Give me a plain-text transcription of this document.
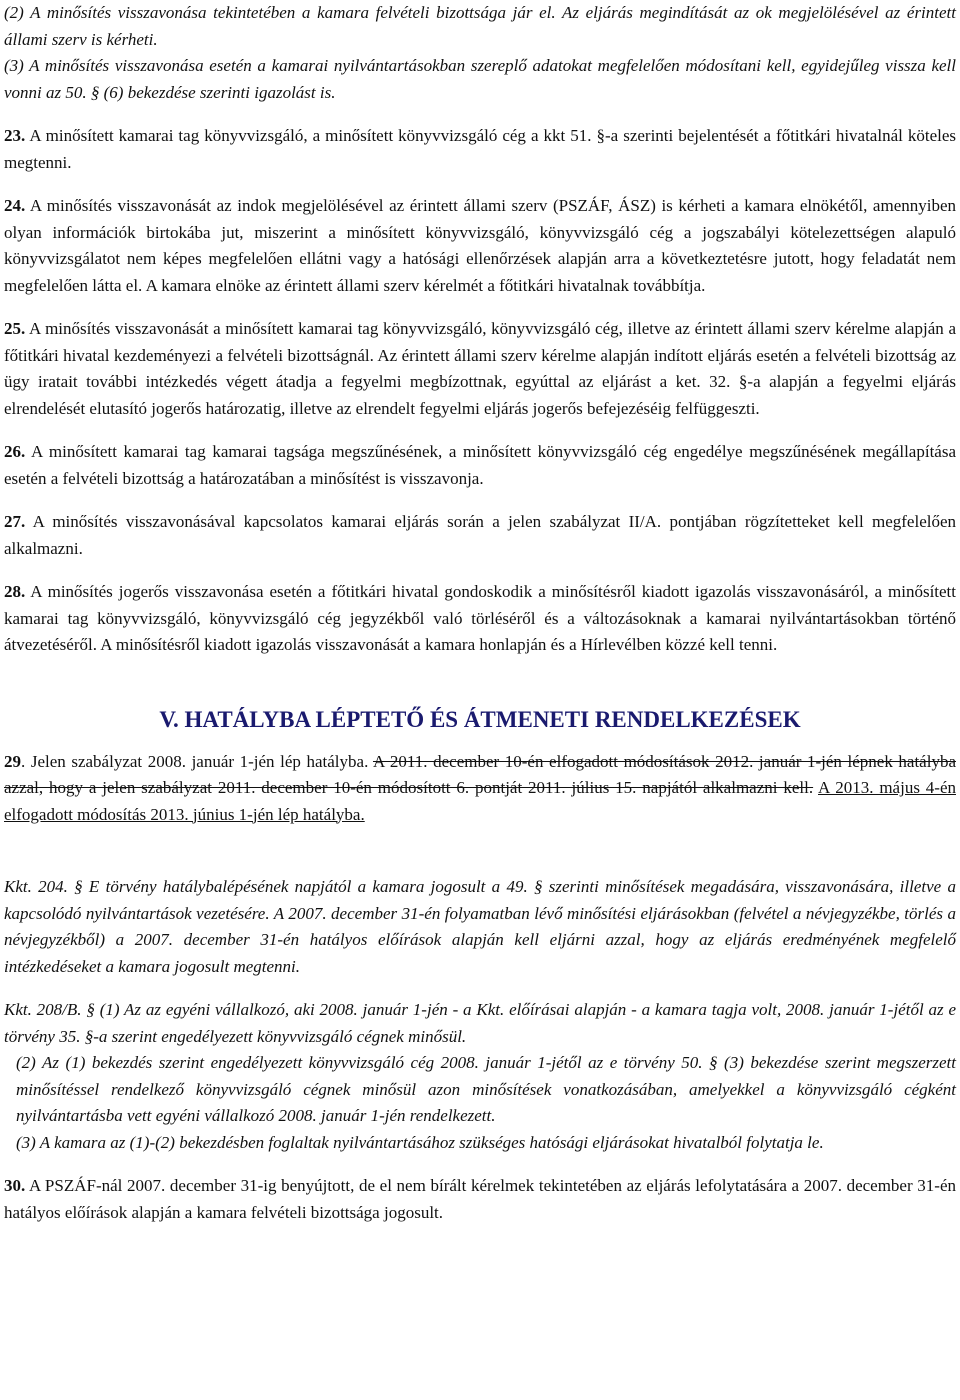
(2) A minősítés visszavonása tekintetében a kamara felvételi bizottsága jár el. Az eljárás megindítását az ok megjelölésével az érintett állami szerv is kérheti.

(3) A minősítés visszavonása esetén a kamarai nyilvántartásokban szereplő adatokat megfelelően módosítani kell, egyidejűleg vissza kell vonni az 50. § (6) bekezdése szerinti igazolást is.

23. A minősített kamarai tag könyvvizsgáló, a minősített könyvvizsgáló cég a kkt 51. §-a szerinti bejelentését a főtitkári hivatalnál köteles megtenni.

24. A minősítés visszavonását az indok megjelölésével az érintett állami szerv (PSZÁF, ÁSZ) is kérheti a kamara elnökétől, amennyiben olyan információk birtokába jut, miszerint a minősített könyvvizsgáló, könyvvizsgáló cég a jogszabályi kötelezettségen alapuló könyvvizsgálatot nem képes megfelelően ellátni vagy a hatósági ellenőrzések alapján arra a következtetésre jutott, hogy feladatát nem megfelelően látta el. A kamara elnöke az érintett állami szerv kérelmét a főtitkári hivatalnak továbbítja.

25. A minősítés visszavonását a minősített kamarai tag könyvvizsgáló, könyvvizsgáló cég, illetve az érintett állami szerv kérelme alapján a főtitkári hivatal kezdeményezi a felvételi bizottságnál. Az érintett állami szerv kérelme alapján indított eljárás esetén a felvételi bizottság az ügy iratait további intézkedés végett átadja a fegyelmi megbízottnak, egyúttal az eljárást a ket. 32. §-a alapján a fegyelmi eljárás elrendelését elutasító jogerős határozatig, illetve az elrendelt fegyelmi eljárás jogerős befejezéséig felfüggeszti.

26. A minősített kamarai tag kamarai tagsága megszűnésének, a minősített könyvvizsgáló cég engedélye megszűnésének megállapítása esetén a felvételi bizottság a határozatában a minősítést is visszavonja.

27. A minősítés visszavonásával kapcsolatos kamarai eljárás során a jelen szabályzat II/A. pontjában rögzítetteket kell megfelelően alkalmazni.

28. A minősítés jogerős visszavonása esetén a főtitkári hivatal gondoskodik a minősítésről kiadott igazolás visszavonásáról, a minősített kamarai tag könyvvizsgáló, könyvvizsgáló cég jegyzékből való törléséről és a változásoknak a kamarai nyilvántartásokban történő átvezetéséről. A minősítésről kiadott igazolás visszavonását a kamara honlapján és a Hírlevélben közzé kell tenni.

V. HATÁLYBA LÉPTETŐ ÉS ÁTMENETI RENDELKEZÉSEK

29. Jelen szabályzat 2008. január 1-jén lép hatályba. A 2011. december 10-én elfogadott módosítások 2012. január 1-jén lépnek hatályba azzal, hogy a jelen szabályzat 2011. december 10-én módosított 6. pontját 2011. július 15. napjától alkalmazni kell. A 2013. május 4-én elfogadott módosítás 2013. június 1-jén lép hatályba.

Kkt. 204. § E törvény hatálybalépésének napjától a kamara jogosult a 49. § szerinti minősítések megadására, visszavonására, illetve a kapcsolódó nyilvántartások vezetésére. A 2007. december 31-én folyamatban lévő minősítési eljárásokban (felvétel a névjegyzékbe, törlés a névjegyzékből) a 2007. december 31-én hatályos előírások alapján kell eljárni azzal, hogy az eljárás eredményének megfelelő intézkedéseket a kamara jogosult megtenni.

Kkt. 208/B. § (1) Az az egyéni vállalkozó, aki 2008. január 1-jén - a Kkt. előírásai alapján - a kamara tagja volt, 2008. január 1-jétől az e törvény 35. §-a szerint engedélyezett könyvvizsgáló cégnek minősül.

(2) Az (1) bekezdés szerint engedélyezett könyvvizsgáló cég 2008. január 1-jétől az e törvény 50. § (3) bekezdése szerint megszerzett minősítéssel rendelkező könyvvizsgáló cégnek minősül azon minősítések vonatkozásában, amelyekkel a könyvvizsgáló cégként nyilvántartásba vett egyéni vállalkozó 2008. január 1-jén rendelkezett.

(3) A kamara az (1)-(2) bekezdésben foglaltak nyilvántartásához szükséges hatósági eljárásokat hivatalból folytatja le.

30. A PSZÁF-nál 2007. december 31-ig benyújtott, de el nem bírált kérelmek tekintetében az eljárás lefolytatására a 2007. december 31-én hatályos előírások alapján a kamara felvételi bizottsága jogosult.
